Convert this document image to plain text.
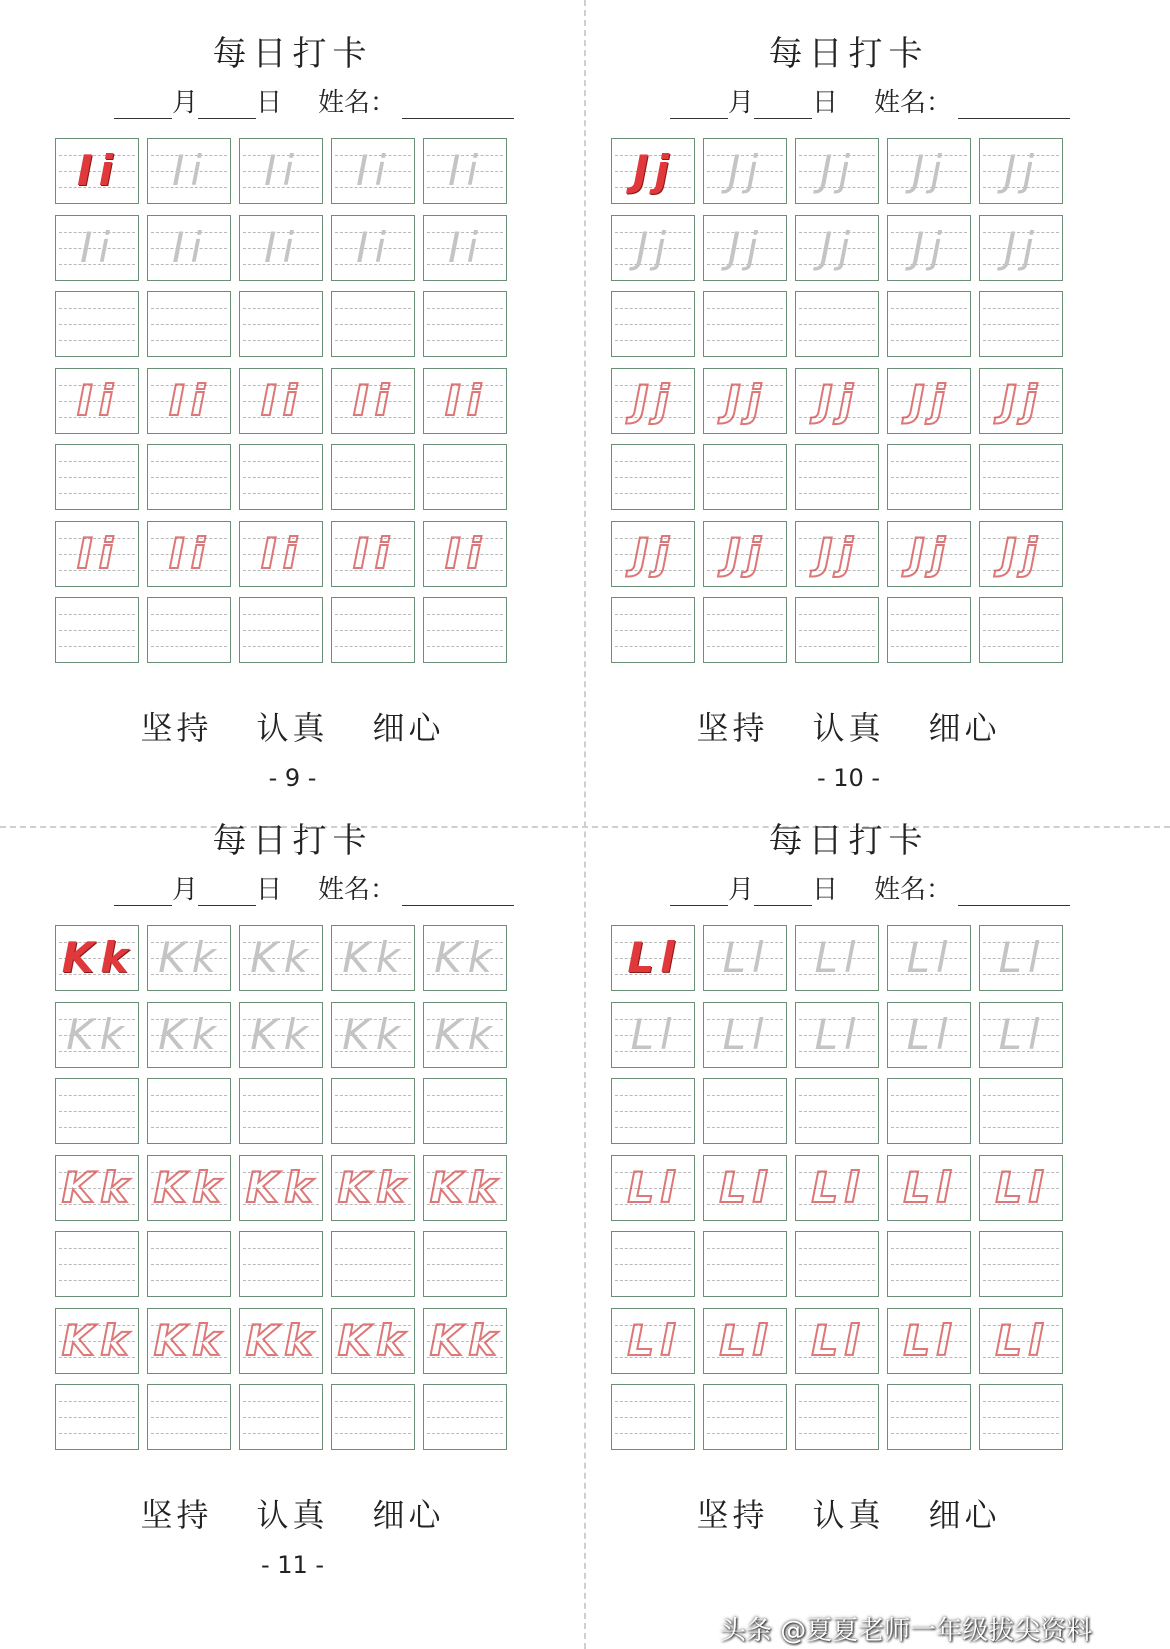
每日打卡
月 日 姓名：
Ii	Ii	Ii	Ii	Ii
Ii	Ii	Ii	Ii	Ii
Ii	Ii	Ii	Ii	Ii
Ii	Ii	Ii	Ii	Ii
坚持 认真 细心
- 9 -
每日打卡
月 日 姓名：
Jj	Jj	Jj	Jj	Jj
Jj	Jj	Jj	Jj	Jj
Jj	Jj	Jj	Jj	Jj
Jj	Jj	Jj	Jj	Jj
坚持 认真 细心
- 10 -
每日打卡
月 日 姓名：
Kk Kk Kk Kk Kk
Kk Kk Kk Kk Kk
Kk Kk Kk Kk Kk
Kk Kk Kk Kk Kk
坚持 认真 细心
- 11 -
每日打卡
月 日 姓名：
Ll Ll	Ll	Ll	Ll
Ll	Ll	Ll	Ll	Ll
Ll Ll Ll Ll Ll
Ll Ll Ll Ll Ll
坚持 认真 细心
头条 @夏夏老师一年级拔尖资料
